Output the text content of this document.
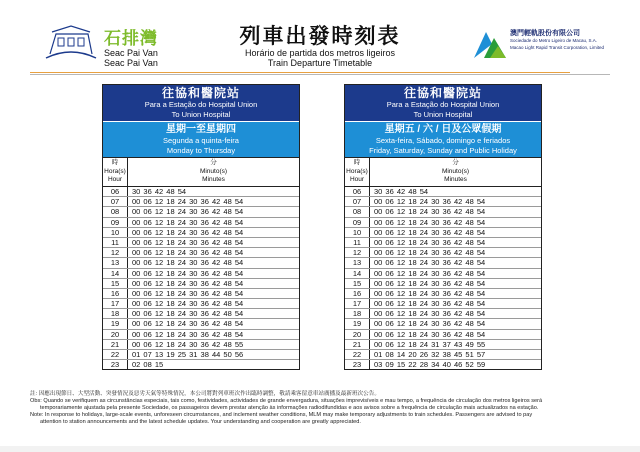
石排灣
Seac Pai Van
Seac Pai Van
列車出發時刻表
Horário de partida dos metros ligeiros
Train Departure Timetable
澳門輕軌股份有限公司
Sociedade do Metro Ligeiro de Macau, S.A.
Macao Light Rapid Transit Corporation, Limited
往協和醫院站
Para a Estação do Hospital Union
To Union Hospital
星期一至星期四
Segunda a quinta-feira
Monday to Thursday
時
Hora(s)
Hour
分
Minuto(s)
Minutes
06	30 36 42 48 54
07	00 06 12 18 24 30 36 42 48 54
08	00 06 12 18 24 30 36 42 48 54
09	00 06 12 18 24 30 36 42 48 54
10	00 06 12 18 24 30 36 42 48 54
11	00 06 12 18 24 30 36 42 48 54
12	00 06 12 18 24 30 36 42 48 54
13	00 06 12 18 24 30 36 42 48 54
14	00 06 12 18 24 30 36 42 48 54
15	00 06 12 18 24 30 36 42 48 54
16	00 06 12 18 24 30 36 42 48 54
17	00 06 12 18 24 30 36 42 48 54
18	00 06 12 18 24 30 36 42 48 54
19	00 06 12 18 24 30 36 42 48 54
20	00 06 12 18 24 30 36 42 48 54
21	00 06 12 18 24 30 36 42 48 55
22	01 07 13 19 25 31 38 44 50 56
23	02 08 15
往協和醫院站
Para a Estação do Hospital Union
To Union Hospital
星期五 / 六 / 日及公眾假期
Sexta-feira, Sábado, domingo e feriados
Friday, Saturday, Sunday and Public Holiday
時
Hora(s)
Hour
分
Minuto(s)
Minutes
06	30 36 42 48 54
07	00 06 12 18 24 30 36 42 48 54
08	00 06 12 18 24 30 36 42 48 54
09	00 06 12 18 24 30 36 42 48 54
10	00 06 12 18 24 30 36 42 48 54
11	00 06 12 18 24 30 36 42 48 54
12	00 06 12 18 24 30 36 42 48 54
13	00 06 12 18 24 30 36 42 48 54
14	00 06 12 18 24 30 36 42 48 54
15	00 06 12 18 24 30 36 42 48 54
16	00 06 12 18 24 30 36 42 48 54
17	00 06 12 18 24 30 36 42 48 54
18	00 06 12 18 24 30 36 42 48 54
19	00 06 12 18 24 30 36 42 48 54
20	00 06 12 18 24 30 36 42 48 54
21	00 06 12 18 24 31 37 43 49 55
22	01 08 14 20 26 32 38 45 51 57
23	03 09 15 22 28 34 40 46 52 59
註: 因應出現節日、大型活動、突發情況及惡劣天氣等特殊情況，本公司將對列車班次作出臨時調整，敬請乘客留意車站廣播及最新班次公告。
Obs: Quando se verifiquem as circunstâncias especiais, tais como, festividades, actividades de grande envergadura, situações imprevisíveis e mau tempo, a frequência de circulação dos metros ligeiros será
temporariamente ajustada pela presente Sociedade, os passageiros devem prestar atenção às informações radiodifundidas e aos avisos sobre a frequência de circulação mais actualizados na estação.
Note: In response to holidays, large-scale events, unforeseen circumstances, and inclement weather conditions, MLM may make temporary adjustments to train schedules. Passengers are advised to pay
attention to station announcements and the latest schedule updates. Your understanding and cooperation are greatly appreciated.
